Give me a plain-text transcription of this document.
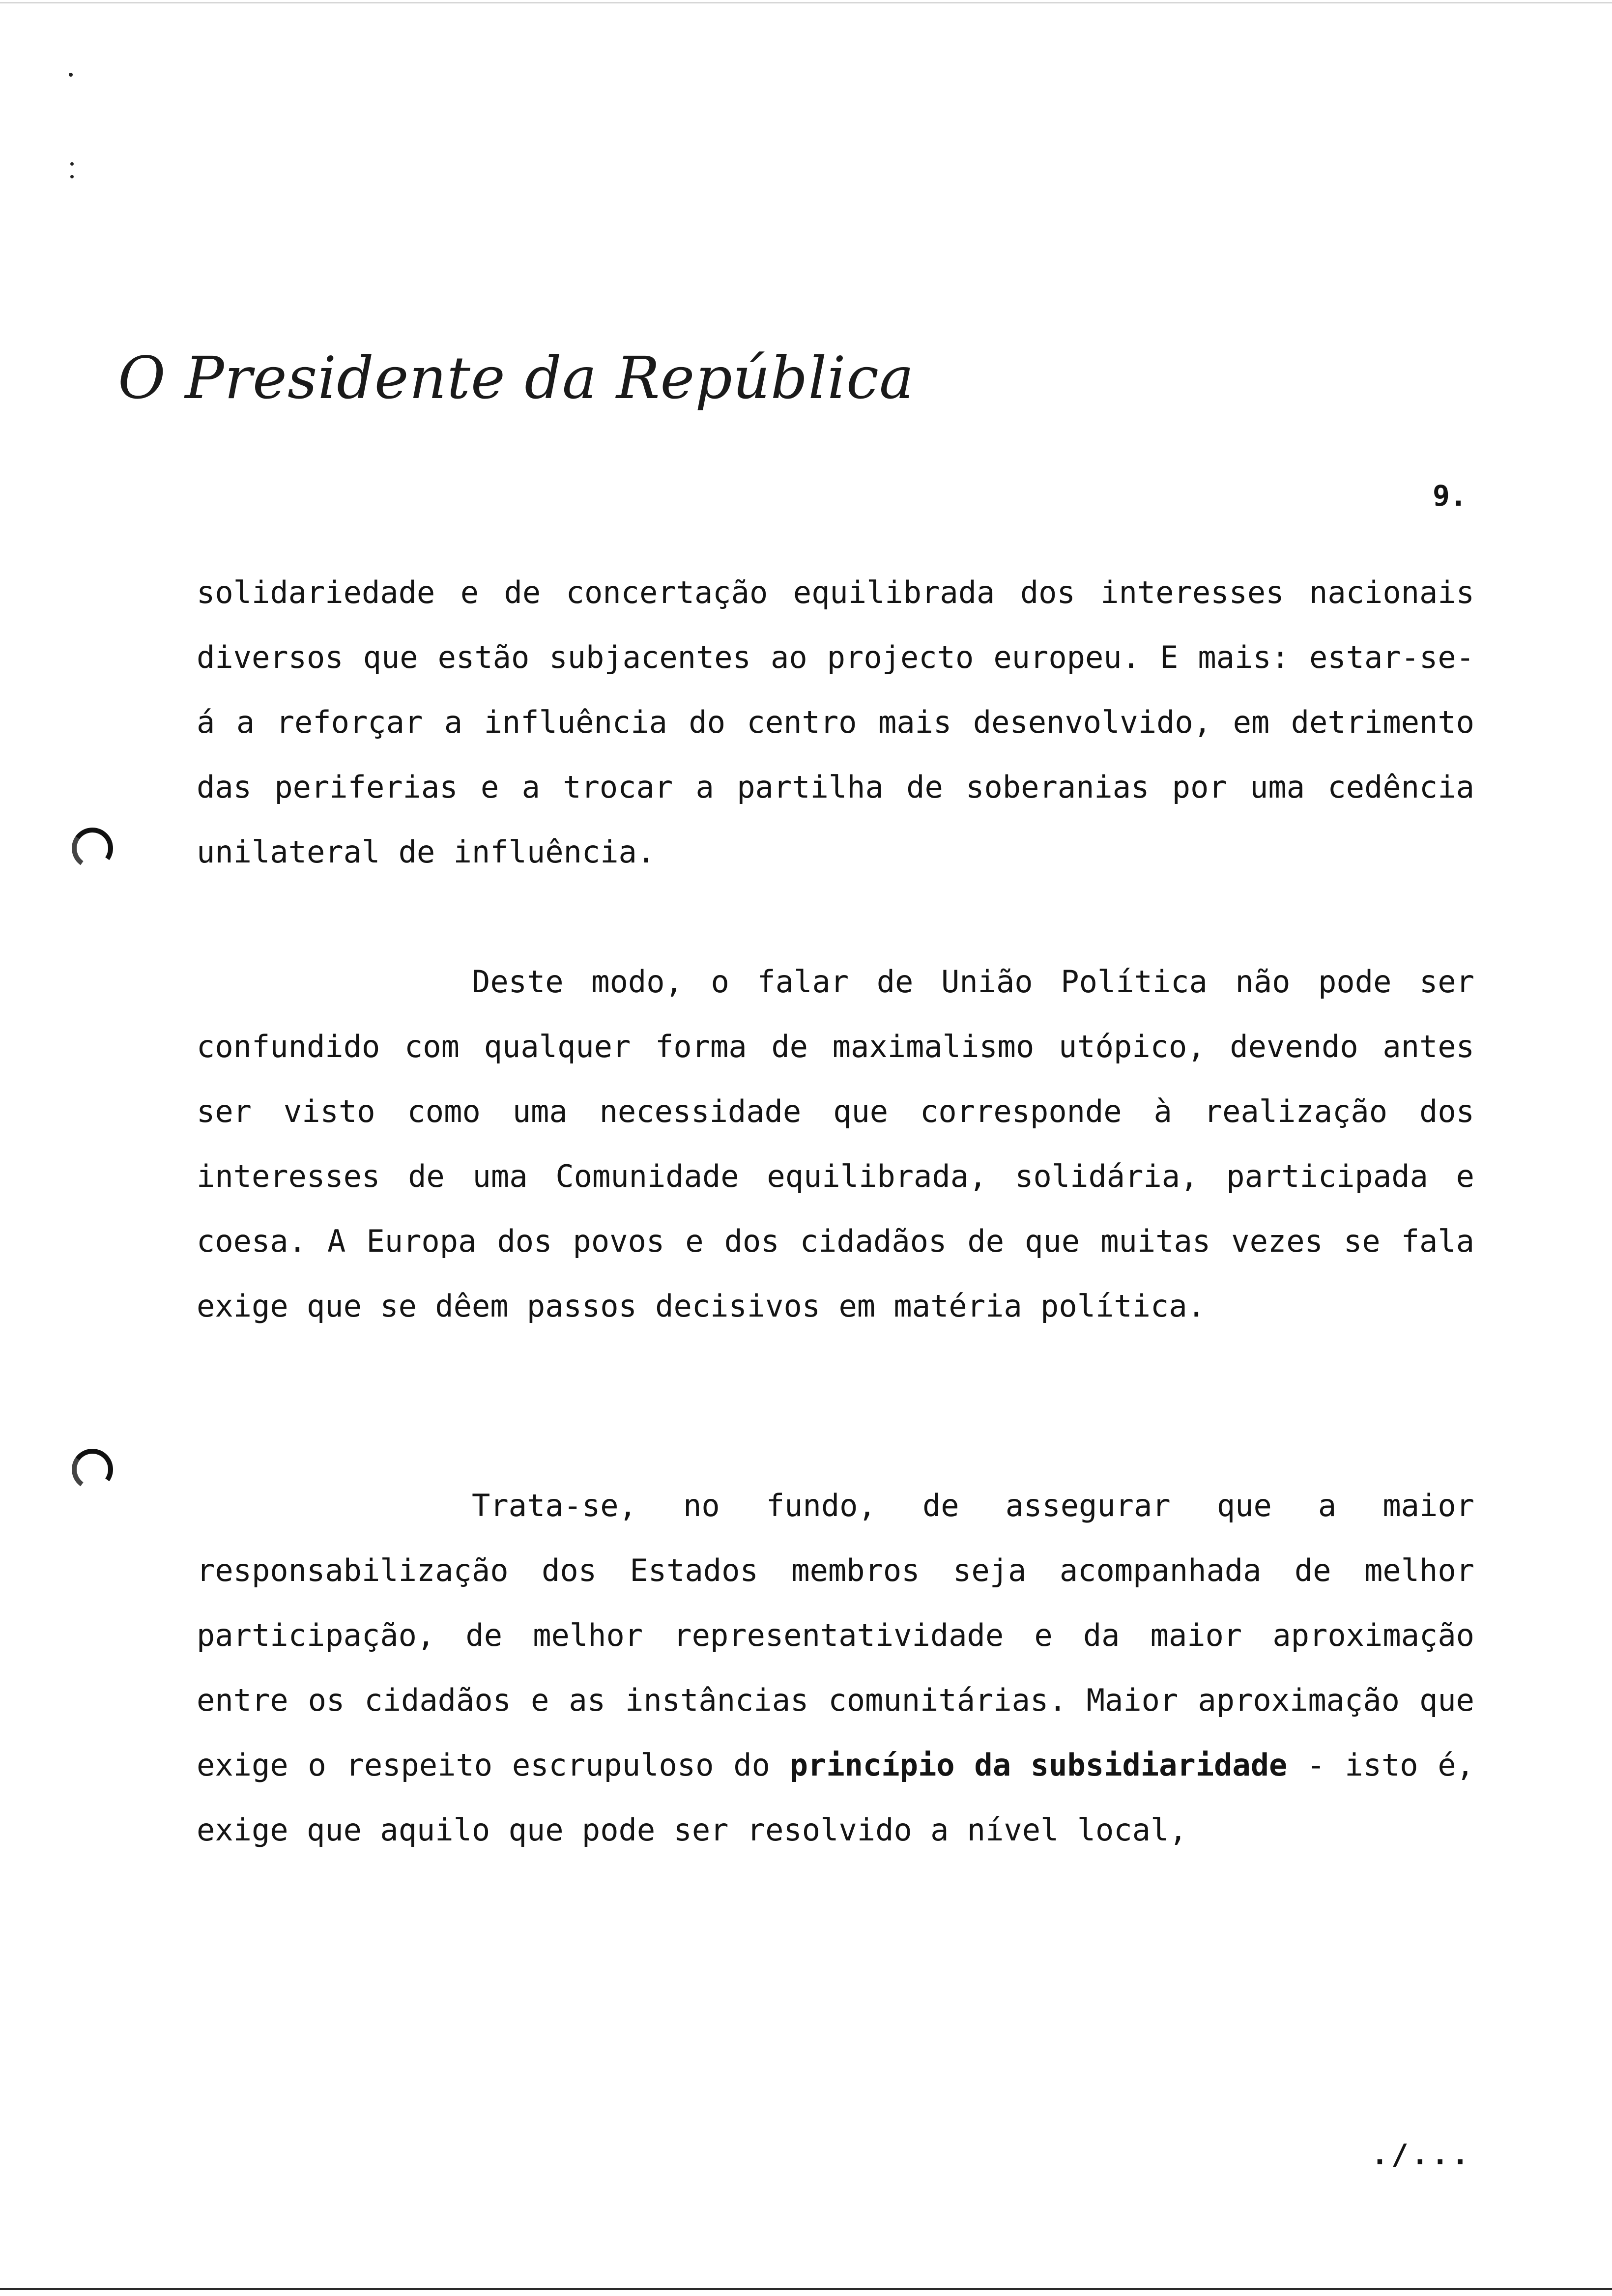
O Presidente da República
9.

solidariedade e de concertação equilibrada dos interesses nacionais diversos que estão subjacentes ao projecto europeu. E mais: estar-se-á a reforçar a influência do centro mais desenvolvido, em detrimento das periferias e a trocar a partilha de soberanias por uma cedência unilateral de influência.

Deste modo, o falar de União Política não pode ser confundido com qualquer forma de maximalismo utópico, devendo antes ser visto como uma necessidade que corresponde à realização dos interesses de uma Comunidade equilibrada, solidária, participada e coesa. A Europa dos povos e dos cidadãos de que muitas vezes se fala exige que se dêem passos decisivos em matéria política.

Trata-se, no fundo, de assegurar que a maior responsabilização dos Estados membros seja acompanhada de melhor participação, de melhor representatividade e da maior aproximação entre os cidadãos e as instâncias comunitárias. Maior aproximação que exige o respeito escrupuloso do princípio da subsidiaridade - isto é, exige que aquilo que pode ser resolvido a nível local,

./...
